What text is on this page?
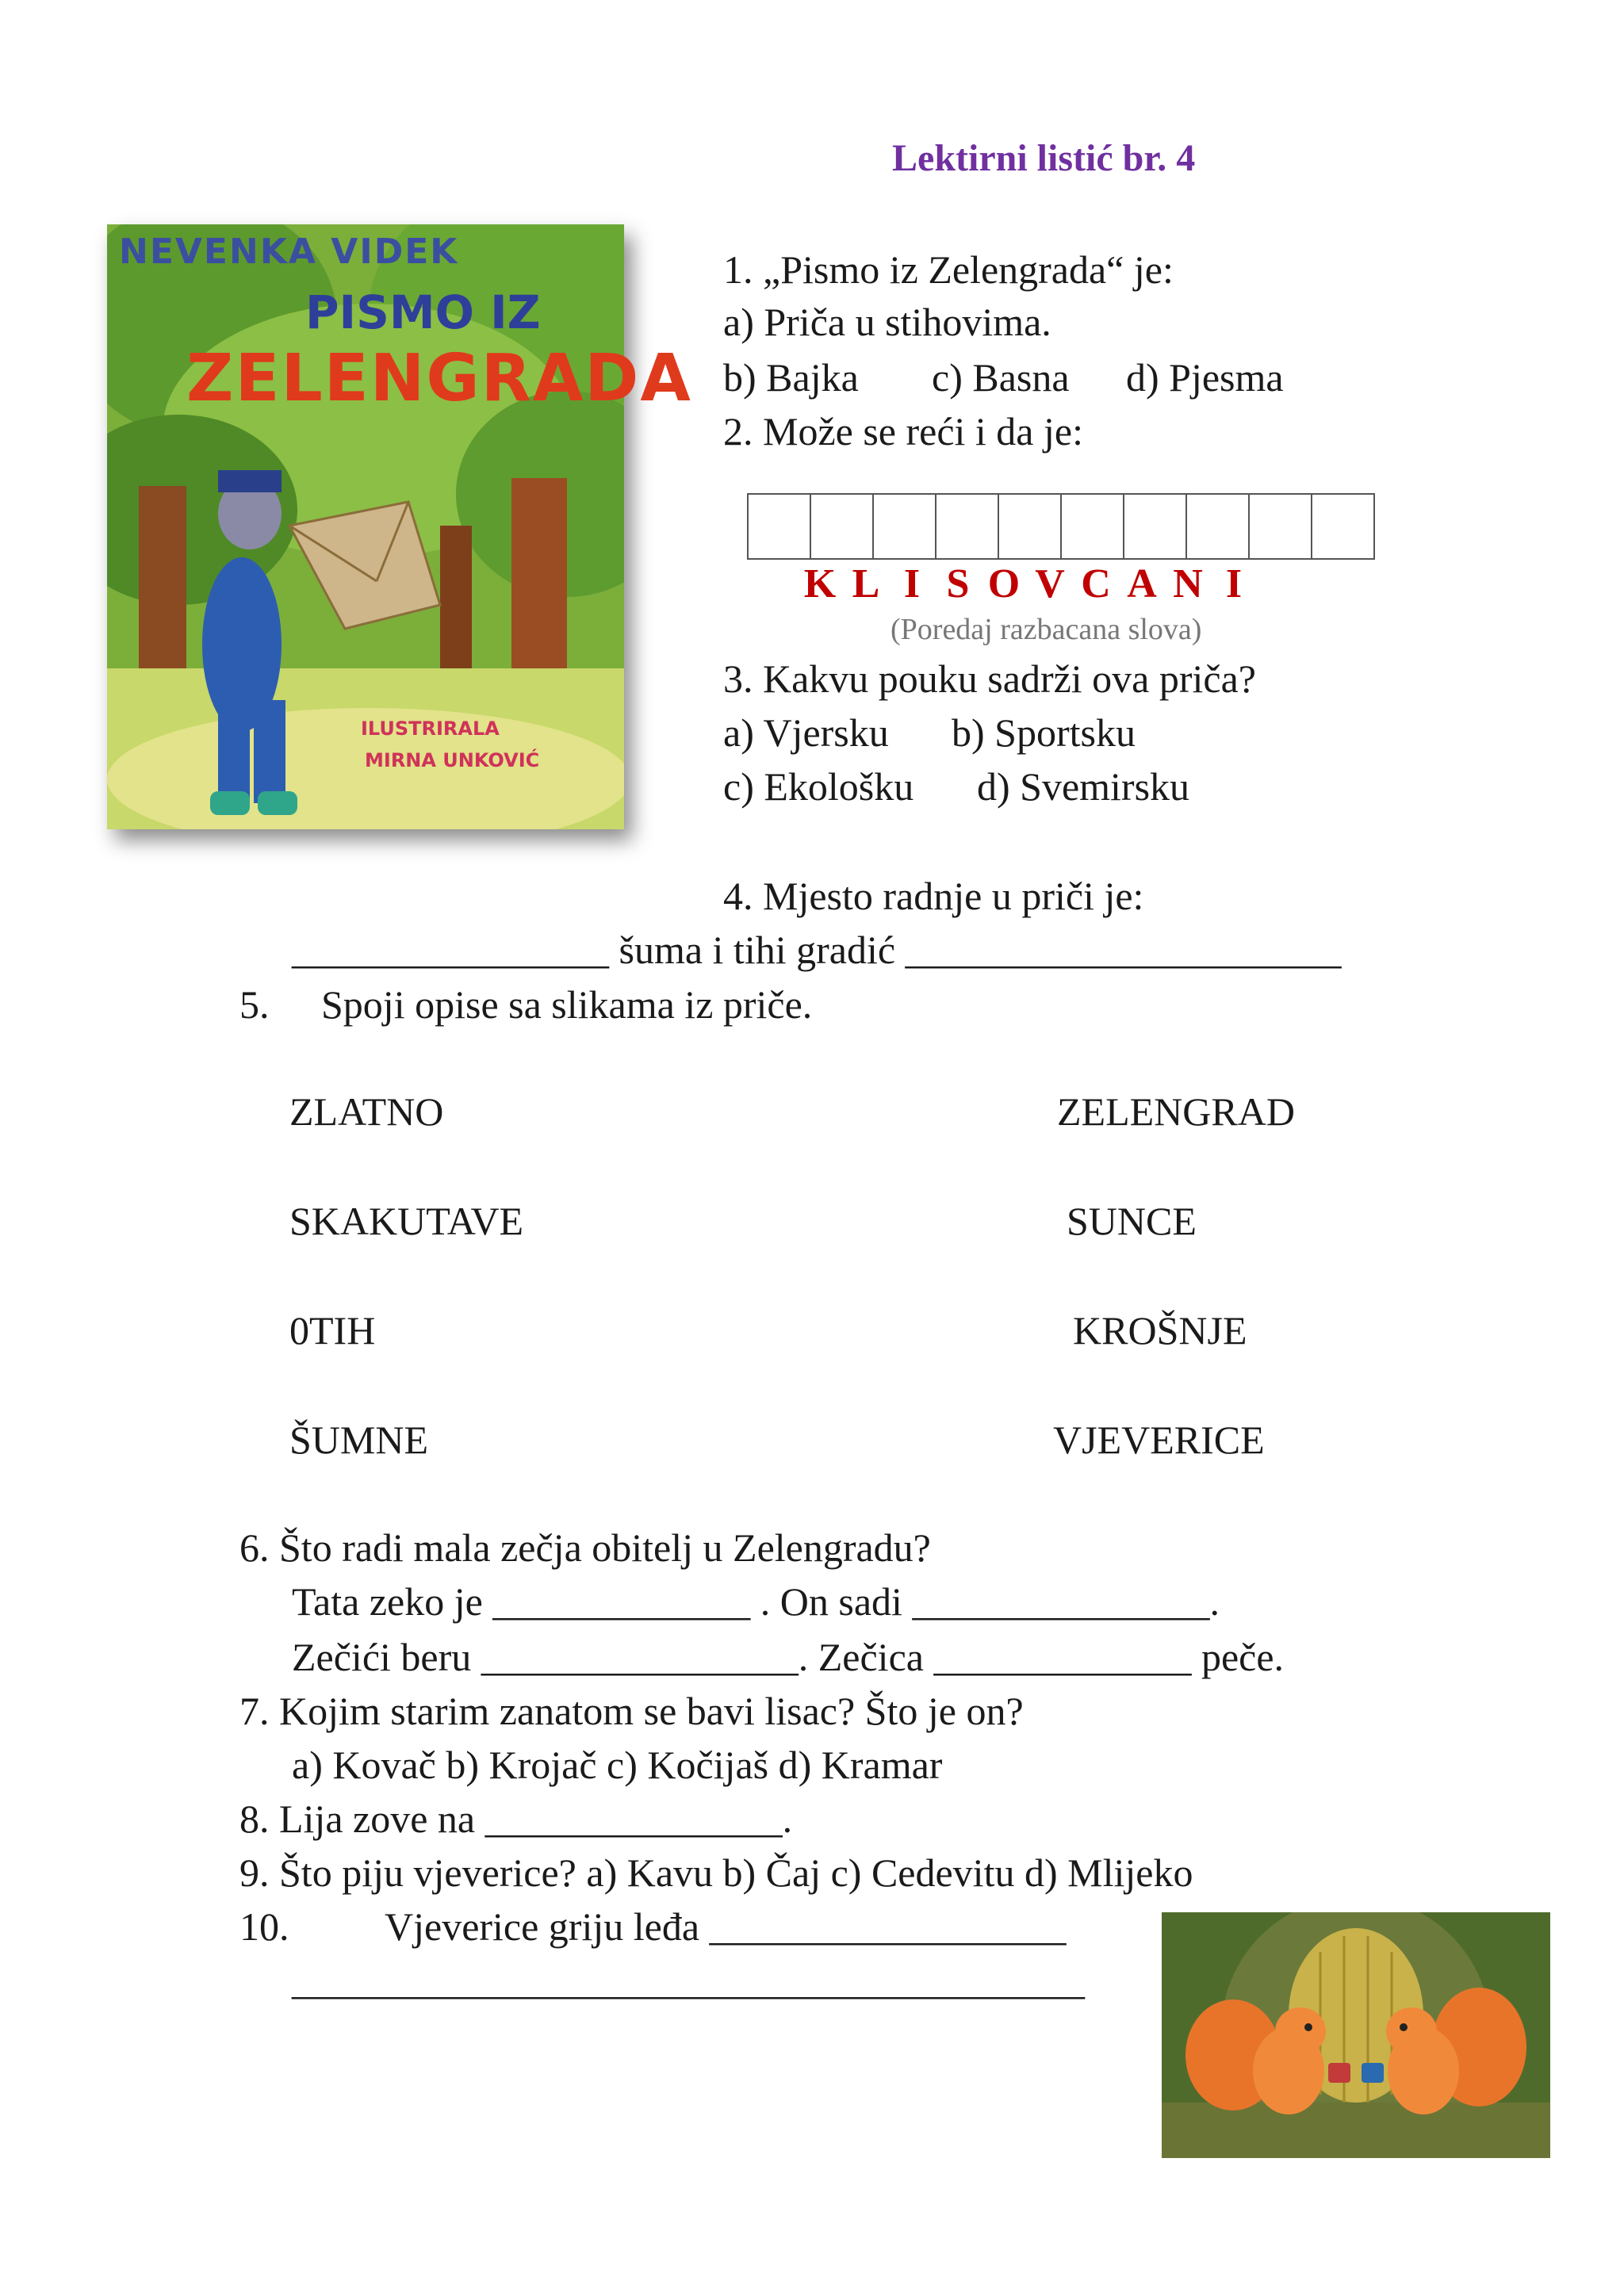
Lektirni listić br. 4
NEVENKA VIDEK
PISMO IZ
ZELENGRADA
ILUSTRIRALA
MIRNA UNKOVIĆ
1. „Pismo iz Zelengrada“ je:
a) Priča u stihovima.
b) Bajka c) Basna d) Pjesma
2. Može se reći i da je:
K L I S O V C A N I
(Poredaj razbacana slova)
3. Kakvu pouku sadrži ova priča?
a) Vjersku b) Sportsku
c) Ekološku d) Svemirsku
4. Mjesto radnje u priči je:
________________ šuma i tihi gradić ______________________
5. Spoji opise sa slikama iz priče.
ZLATNO
SKAKUTAVE
0TIH
ŠUMNE
ZELENGRAD
SUNCE
KROŠNJE
VJEVERICE
6. Što radi mala zečja obitelj u Zelengradu?
Tata zeko je _____________ . On sadi _______________.
Zečići beru ________________. Zečica _____________ peče.
7. Kojim starim zanatom se bavi lisac? Što je on?
a) Kovač b) Krojač c) Kočijaš d) Kramar
8. Lija zove na _______________.
9. Što piju vjeverice? a) Kavu b) Čaj c) Cedevitu d) Mlijeko
10. Vjeverice griju leđa __________________
________________________________________
